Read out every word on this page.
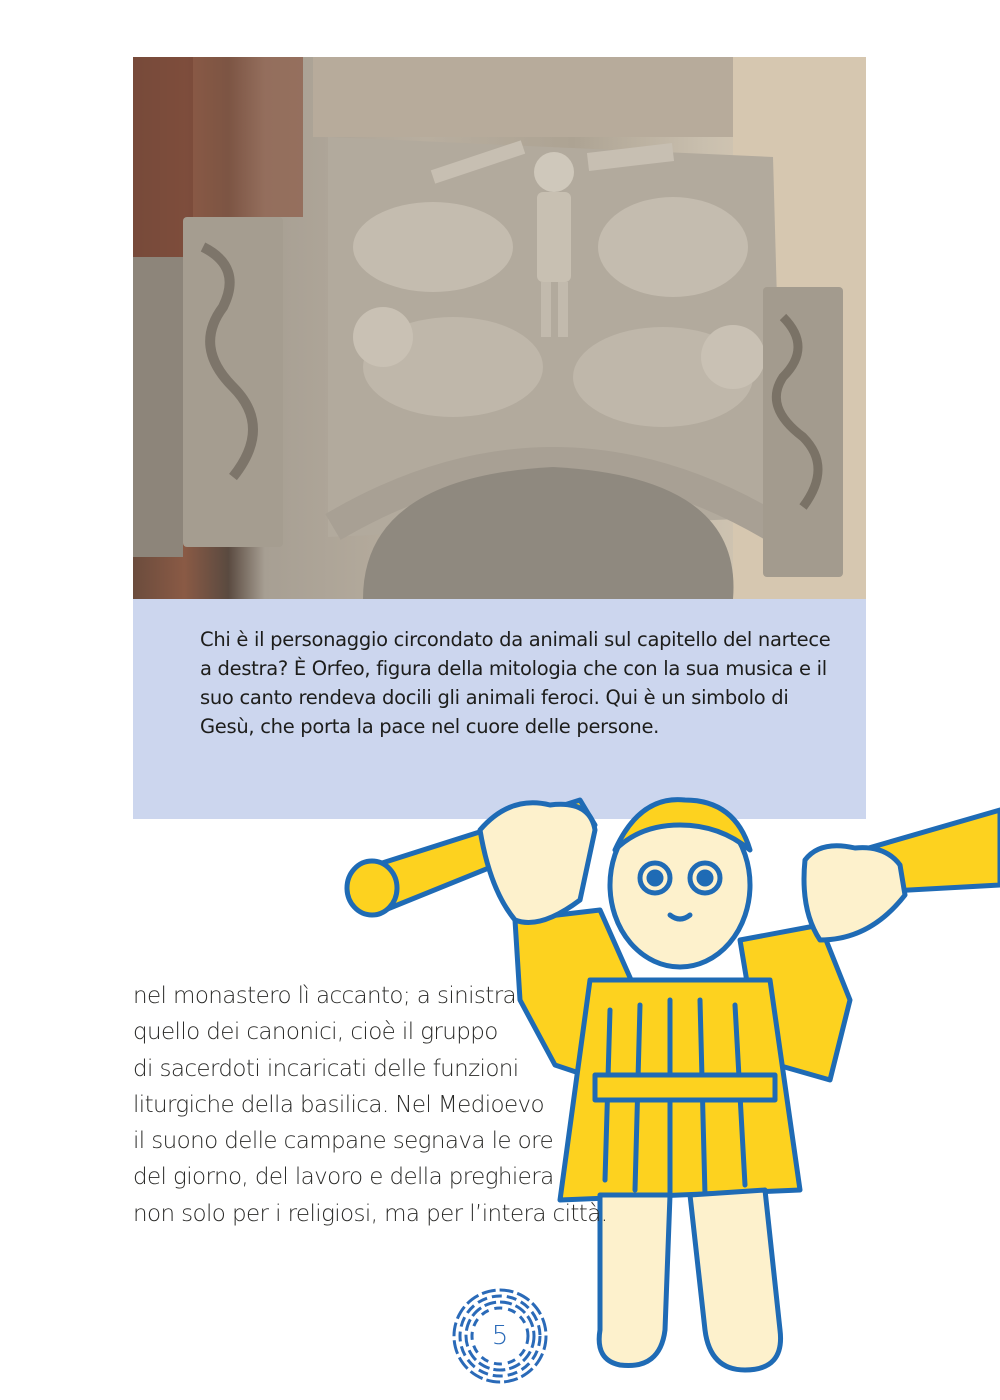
Chi è il personaggio circondato da animali sul capitello del nartece a destra? È Orfeo, figura della mitologia che con la sua musica e il suo canto rendeva docili gli animali feroci. Qui è un simbolo di Gesù, che porta la pace nel cuore delle persone.

nel monastero lì accanto; a sinistra
quello dei canonici, cioè il gruppo
di sacerdoti incaricati delle funzioni
liturgiche della basilica. Nel Medioevo
il suono delle campane segnava le ore
del giorno, del lavoro e della preghiera
non solo per i religiosi, ma per l’intera città.
5
